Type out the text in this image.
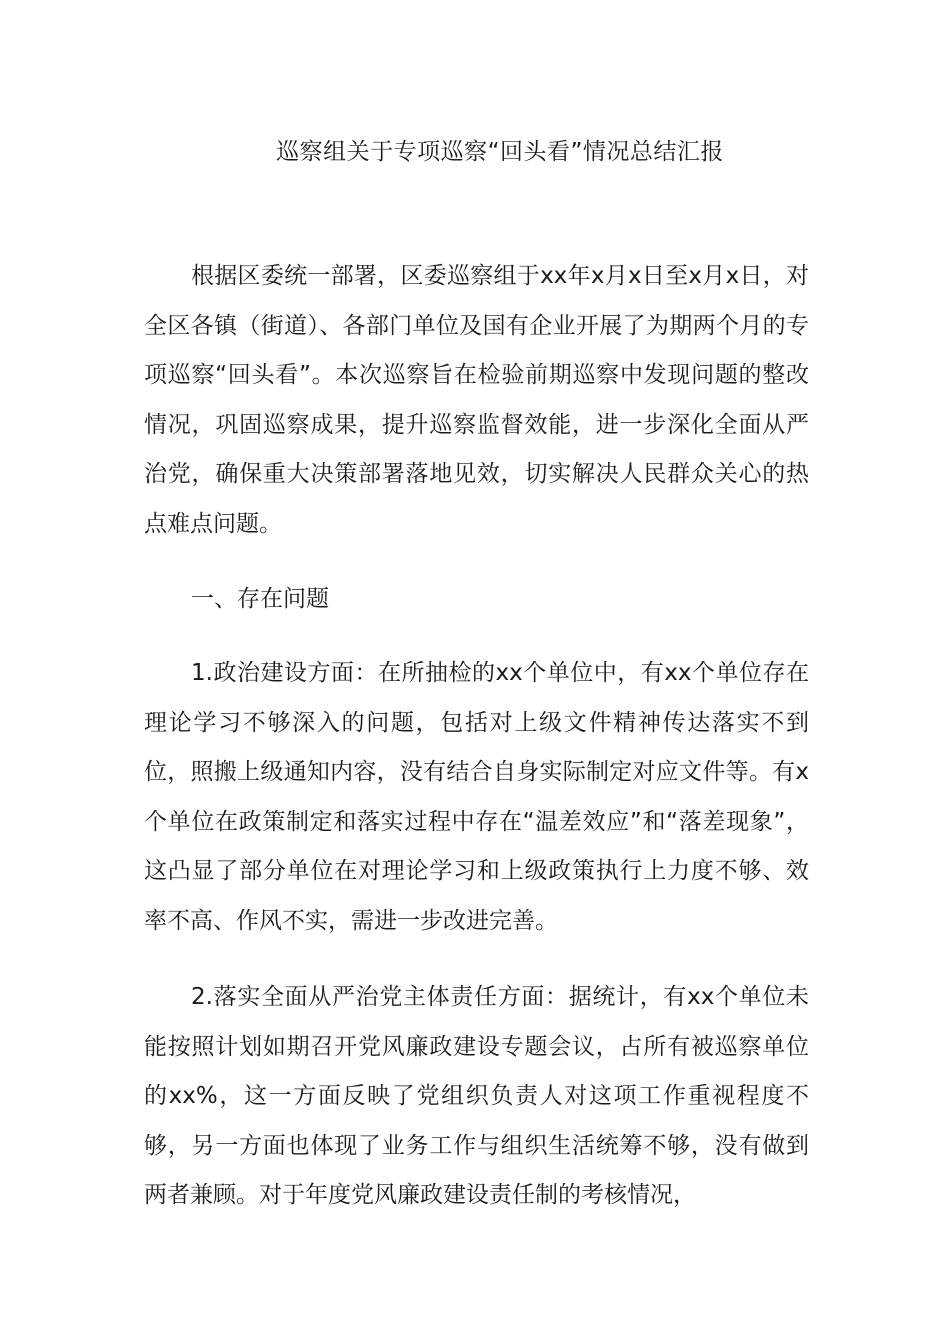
巡察组关于专项巡察“回头看”情况总结汇报

根据区委统一部署，区委巡察组于xx年x月x日至x月x日，对全区各镇（街道）、各部门单位及国有企业开展了为期两个月的专项巡察“回头看”。本次巡察旨在检验前期巡察中发现问题的整改情况，巩固巡察成果，提升巡察监督效能，进一步深化全面从严治党，确保重大决策部署落地见效，切实解决人民群众关心的热点难点问题。

一、存在问题

1.政治建设方面：在所抽检的xx个单位中，有xx个单位存在理论学习不够深入的问题，包括对上级文件精神传达落实不到位，照搬上级通知内容，没有结合自身实际制定对应文件等。有x个单位在政策制定和落实过程中存在“温差效应”和“落差现象”，这凸显了部分单位在对理论学习和上级政策执行上力度不够、效率不高、作风不实，需进一步改进完善。

2.落实全面从严治党主体责任方面：据统计，有xx个单位未能按照计划如期召开党风廉政建设专题会议，占所有被巡察单位的xx%，这一方面反映了党组织负责人对这项工作重视程度不够，另一方面也体现了业务工作与组织生活统筹不够，没有做到两者兼顾。对于年度党风廉政建设责任制的考核情况，
